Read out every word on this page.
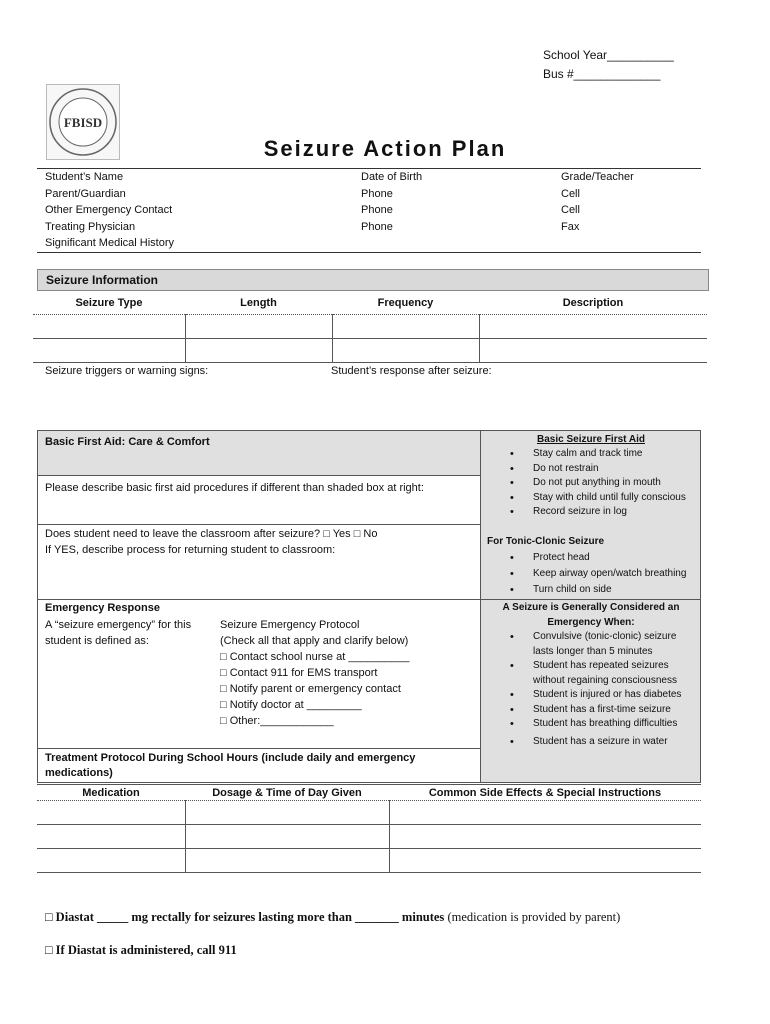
School Year__________
Bus #_____________
FBISD
Seizure Action Plan
Student’s Name	Date of Birth	Grade/Teacher
Parent/Guardian	Phone	Cell
Other Emergency Contact	Phone	Cell
Treating Physician	Phone	Fax
Significant Medical History
Seizure Information
Seizure Type	Length	Frequency	Description

Seizure triggers or warning signs:	Student’s response after seizure:
Basic First Aid: Care & Comfort
Please describe basic first aid procedures if different than shaded box at right:
Does student need to leave the classroom after seizure? □ Yes □ No
If YES, describe process for returning student to classroom:
Emergency Response
A “seizure emergency” for this student is defined as:
Seizure Emergency Protocol
(Check all that apply and clarify below)
□ Contact school nurse at __________
□ Contact 911 for EMS transport
□ Notify parent or emergency contact
□ Notify doctor at _________
□ Other:____________
Treatment Protocol During School Hours (include daily and emergency medications)
Basic Seizure First Aid
• Stay calm and track time
• Do not restrain
• Do not put anything in mouth
• Stay with child until fully conscious
• Record seizure in log
For Tonic-Clonic Seizure
• Protect head
• Keep airway open/watch breathing
• Turn child on side
A Seizure is Generally Considered an Emergency When:
• Convulsive (tonic-clonic) seizure lasts longer than 5 minutes
• Student has repeated seizures without regaining consciousness
• Student is injured or has diabetes
• Student has a first-time seizure
• Student has breathing difficulties
• Student has a seizure in water
Medication	Dosage & Time of Day Given	Common Side Effects & Special Instructions

□ Diastat _____ mg rectally for seizures lasting more than _______ minutes (medication is provided by parent)
□ If Diastat is administered, call 911
